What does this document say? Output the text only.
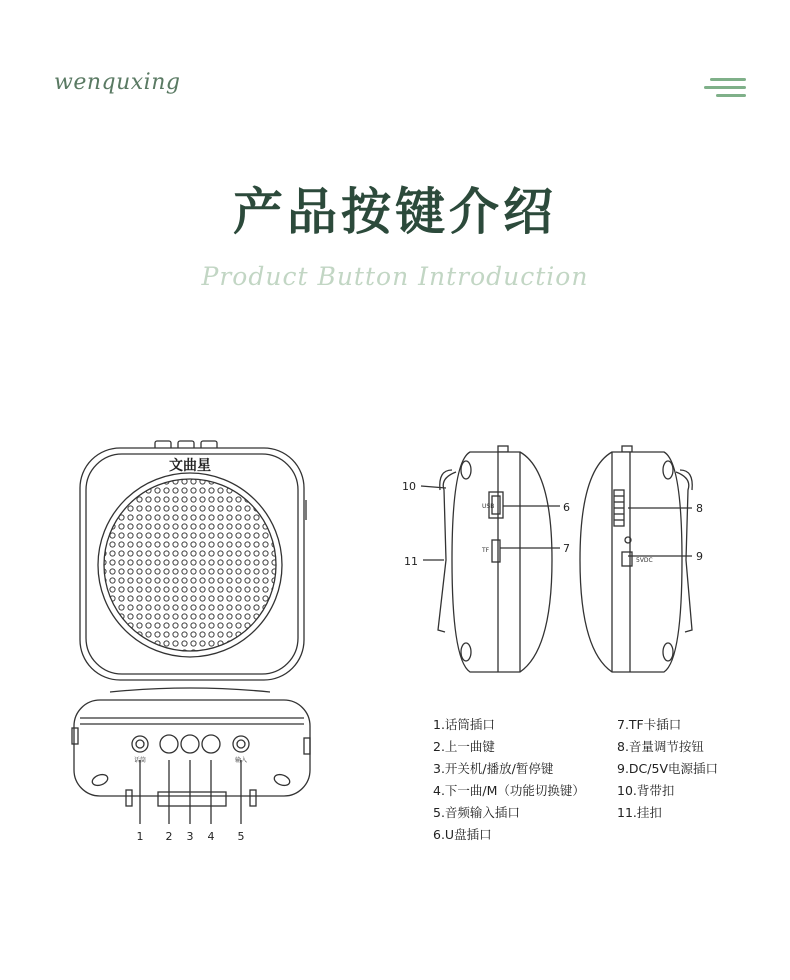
wenquxing
产品按键介绍
Product Button Introduction
文曲星
话筒	输入
1 2 3 4 5
USB
TF
10
11
6
7
5VDC
8
9
1.话筒插口
2.上一曲键
3.开关机/播放/暂停键
4.下一曲/M（功能切换键）
5.音频输入插口
6.U盘插口
7.TF卡插口
8.音量调节按钮
9.DC/5V电源插口
10.背带扣
11.挂扣
